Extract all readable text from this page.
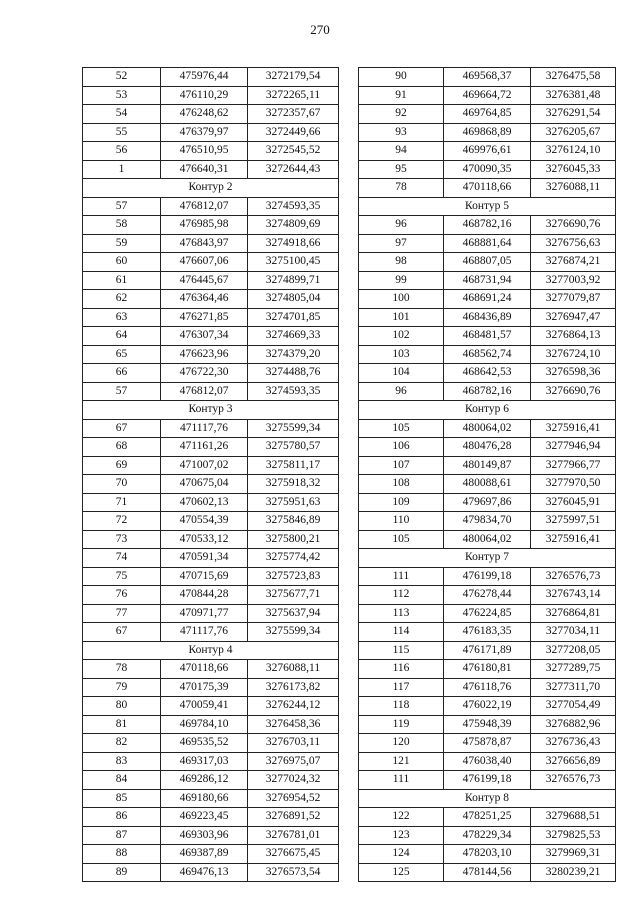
270
52	475976,44	3272179,54
53	476110,29	3272265,11
54	476248,62	3272357,67
55	476379,97	3272449,66
56	476510,95	3272545,52
1	476640,31	3272644,43
Контур 2		
57	476812,07	3274593,35
58	476985,98	3274809,69
59	476843,97	3274918,66
60	476607,06	3275100,45
61	476445,67	3274899,71
62	476364,46	3274805,04
63	476271,85	3274701,85
64	476307,34	3274669,33
65	476623,96	3274379,20
66	476722,30	3274488,76
57	476812,07	3274593,35
Контур 3		
67	471117,76	3275599,34
68	471161,26	3275780,57
69	471007,02	3275811,17
70	470675,04	3275918,32
71	470602,13	3275951,63
72	470554,39	3275846,89
73	470533,12	3275800,21
74	470591,34	3275774,42
75	470715,69	3275723,83
76	470844,28	3275677,71
77	470971,77	3275637,94
67	471117,76	3275599,34
Контур 4		
78	470118,66	3276088,11
79	470175,39	3276173,82
80	470059,41	3276244,12
81	469784,10	3276458,36
82	469535,52	3276703,11
83	469317,03	3276975,07
84	469286,12	3277024,32
85	469180,66	3276954,52
86	469223,45	3276891,52
87	469303,96	3276781,01
88	469387,89	3276675,45
89	469476,13	3276573,54
90	469568,37	3276475,58
91	469664,72	3276381,48
92	469764,85	3276291,54
93	469868,89	3276205,67
94	469976,61	3276124,10
95	470090,35	3276045,33
78	470118,66	3276088,11
Контур 5		
96	468782,16	3276690,76
97	468881,64	3276756,63
98	468807,05	3276874,21
99	468731,94	3277003,92
100	468691,24	3277079,87
101	468436,89	3276947,47
102	468481,57	3276864,13
103	468562,74	3276724,10
104	468642,53	3276598,36
96	468782,16	3276690,76
Контур 6		
105	480064,02	3275916,41
106	480476,28	3277946,94
107	480149,87	3277966,77
108	480088,61	3277970,50
109	479697,86	3276045,91
110	479834,70	3275997,51
105	480064,02	3275916,41
Контур 7		
111	476199,18	3276576,73
112	476278,44	3276743,14
113	476224,85	3276864,81
114	476183,35	3277034,11
115	476171,89	3277208,05
116	476180,81	3277289,75
117	476118,76	3277311,70
118	476022,19	3277054,49
119	475948,39	3276882,96
120	475878,87	3276736,43
121	476038,40	3276656,89
111	476199,18	3276576,73
Контур 8		
122	478251,25	3279688,51
123	478229,34	3279825,53
124	478203,10	3279969,31
125	478144,56	3280239,21
